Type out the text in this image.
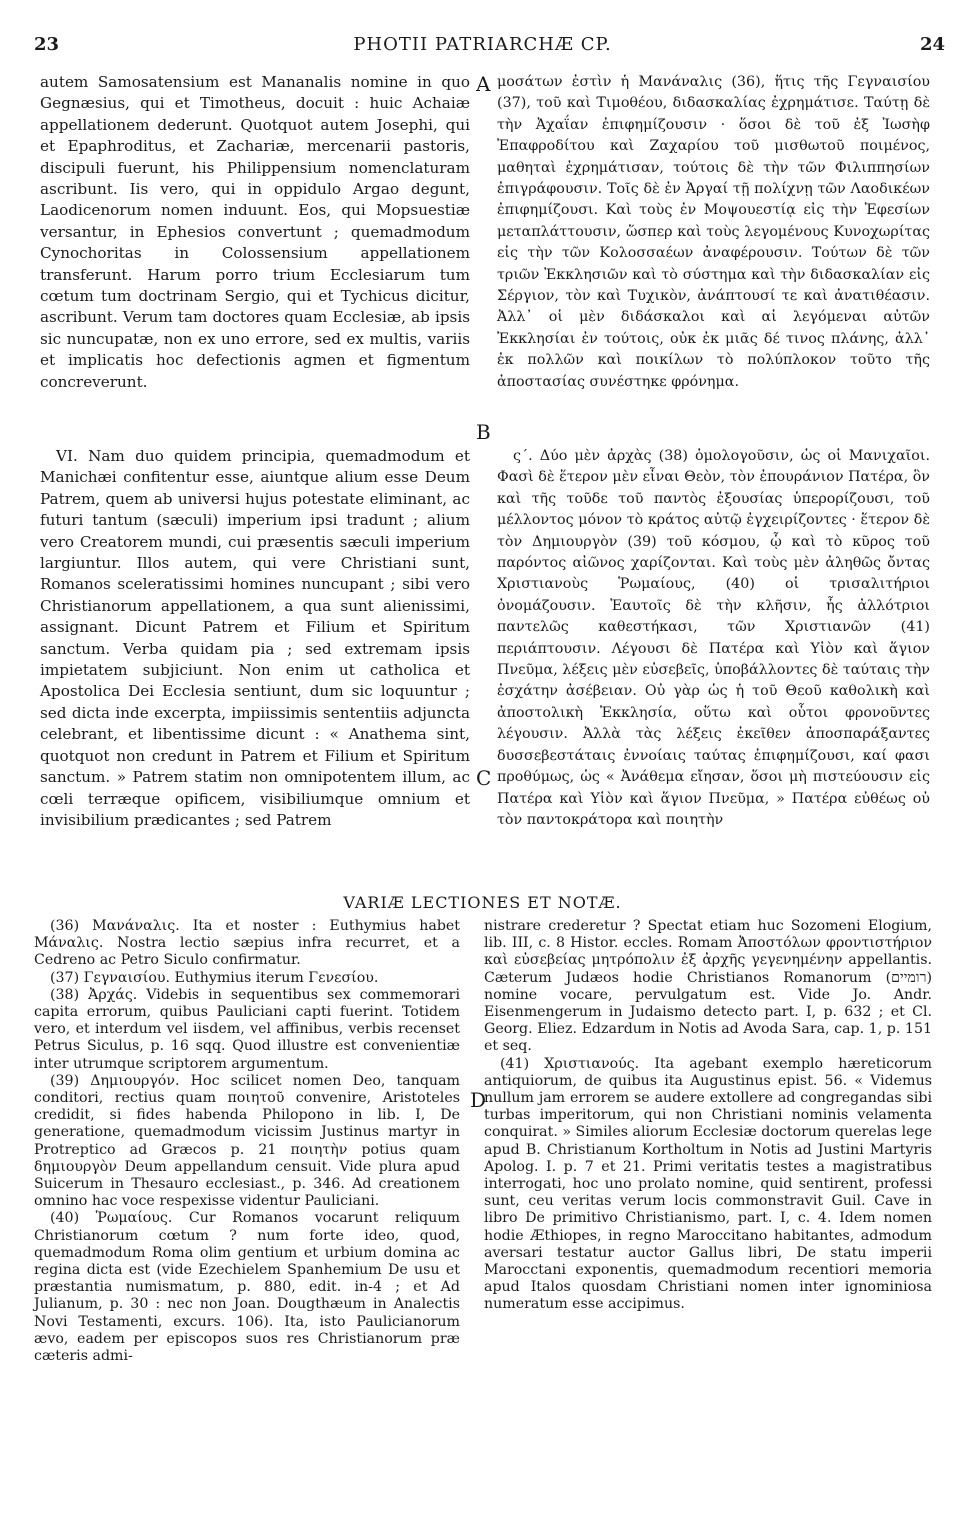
23	PHOTII PATRIARCHÆ CP.	24
A
B
C
D

autem Samosatensium est Mananalis nomine in quo Gegnæsius, qui et Timotheus, docuit : huic Achaiæ appellationem dederunt. Quotquot autem Josephi, qui et Epaphroditus, et Zachariæ, mercenarii pastoris, discipuli fuerunt, his Philippensium nomenclaturam ascribunt. Iis vero, qui in oppidulo Argao degunt, Laodicenorum nomen induunt. Eos, qui Mopsuestiæ versantur, in Ephesios convertunt ; quemadmodum Cynochoritas in Colossensium appellationem transferunt. Harum porro trium Ecclesiarum tum cœtum tum doctrinam Sergio, qui et Tychicus dicitur, ascribunt. Verum tam doctores quam Ecclesiæ, ab ipsis sic nuncupatæ, non ex uno errore, sed ex multis, variis et implicatis hoc defectionis agmen et figmentum concreverunt.

μοσάτων ἐστὶν ἡ Μανάναλις (36), ἥτις τῆς Γεγναισίου (37), τοῦ καὶ Τιμοθέου, διδασκαλίας ἐχρημάτισε. Ταύτῃ δὲ τὴν Ἀχαΐαν ἐπιφημίζουσιν · ὅσοι δὲ τοῦ ἐξ Ἰωσὴφ Ἐπαφροδίτου καὶ Ζαχαρίου τοῦ μισθωτοῦ ποιμένος, μαθηταὶ ἐχρημάτισαν, τούτοις δὲ τὴν τῶν Φιλιππησίων ἐπιγράφουσιν. Τοῖς δὲ ἐν Ἀργαί τῇ πολίχνῃ τῶν Λαοδικέων ἐπιφημίζουσι. Καὶ τοὺς ἐν Μοψουεστίᾳ εἰς τὴν Ἐφεσίων μεταπλάττουσιν, ὥσπερ καὶ τοὺς λεγομένους Κυνοχωρίτας εἰς τὴν τῶν Κολοσσαέων ἀναφέρουσιν. Τούτων δὲ τῶν τριῶν Ἐκκλησιῶν καὶ τὸ σύστημα καὶ τὴν διδασκαλίαν εἰς Σέργιον, τὸν καὶ Τυχικὸν, ἀνάπτουσί τε καὶ ἀνατιθέασιν. Ἀλλ᾽ οἱ μὲν διδάσκαλοι καὶ αἱ λεγόμεναι αὐτῶν Ἐκκλησίαι ἐν τούτοις, οὐκ ἐκ μιᾶς δέ τινος πλάνης, ἀλλ᾽ ἐκ πολλῶν καὶ ποικίλων τὸ πολύπλοκον τοῦτο τῆς ἀποστασίας συνέστηκε φρόνημα.

VI. Nam duo quidem principia, quemadmodum et Manichæi confitentur esse, aiuntque alium esse Deum Patrem, quem ab universi hujus potestate eliminant, ac futuri tantum (sæculi) imperium ipsi tradunt ; alium vero Creatorem mundi, cui præsentis sæculi imperium largiuntur. Illos autem, qui vere Christiani sunt, Romanos sceleratissimi homines nuncupant ; sibi vero Christianorum appellationem, a qua sunt alienissimi, assignant. Dicunt Patrem et Filium et Spiritum sanctum. Verba quidam pia ; sed extremam ipsis impietatem subjiciunt. Non enim ut catholica et Apostolica Dei Ecclesia sentiunt, dum sic loquuntur ; sed dicta inde excerpta, impiissimis sententiis adjuncta celebrant, et libentissime dicunt : « Anathema sint, quotquot non credunt in Patrem et Filium et Spiritum sanctum. » Patrem statim non omnipotentem illum, ac cœli terræque opificem, visibiliumque omnium et invisibilium prædicantes ; sed Patrem

ς΄. Δύο μὲν ἀρχὰς (38) ὁμολογοῦσιν, ὡς οἱ Μανιχαῖοι. Φασὶ δὲ ἕτερον μὲν εἶναι Θεὸν, τὸν ἐπουράνιον Πατέρα, ὃν καὶ τῆς τοῦδε τοῦ παντὸς ἐξουσίας ὑπερορίζουσι, τοῦ μέλλοντος μόνον τὸ κράτος αὐτῷ ἐγχειρίζοντες · ἕτερον δὲ τὸν Δημιουργὸν (39) τοῦ κόσμου, ᾧ καὶ τὸ κῦρος τοῦ παρόντος αἰῶνος χαρίζονται. Καὶ τοὺς μὲν ἀληθῶς ὄντας Χριστιανοὺς Ῥωμαίους, (40) οἱ τρισαλιτήριοι ὀνομάζουσιν. Ἑαυτοῖς δὲ τὴν κλῆσιν, ἧς ἀλλότριοι παντελῶς καθεστήκασι, τῶν Χριστιανῶν (41) περιάπτουσιν. Λέγουσι δὲ Πατέρα καὶ Υἱὸν καὶ ἅγιον Πνεῦμα, λέξεις μὲν εὐσεβεῖς, ὑποβάλλοντες δὲ ταύταις τὴν ἐσχάτην ἀσέβειαν. Οὐ γὰρ ὡς ἡ τοῦ Θεοῦ καθολικὴ καὶ ἀποστολικὴ Ἐκκλησία, οὕτω καὶ οὗτοι φρονοῦντες λέγουσιν. Ἀλλὰ τὰς λέξεις ἐκεῖθεν ἀποσπαράξαντες δυσσεβεστάταις ἐννοίαις ταύτας ἐπιφημίζουσι, καί φασι προθύμως, ὡς « Ἀνάθεμα εἴησαν, ὅσοι μὴ πιστεύουσιν εἰς Πατέρα καὶ Υἱὸν καὶ ἅγιον Πνεῦμα, » Πατέρα εὐθέως οὐ τὸν παντοκράτορα καὶ ποιητὴν

VARIÆ LECTIONES ET NOTÆ.

(36) Μανάναλις. Ita et noster : Euthymius habet Μάναλις. Nostra lectio sæpius infra recurret, et a Cedreno ac Petro Siculo confirmatur.

(37) Γεγναισίου. Euthymius iterum Γενεσίου.

(38) Ἀρχάς. Videbis in sequentibus sex commemorari capita errorum, quibus Pauliciani capti fuerint. Totidem vero, et interdum vel iisdem, vel affinibus, verbis recenset Petrus Siculus, p. 16 sqq. Quod illustre est convenientiæ inter utrumque scriptorem argumentum.

(39) Δημιουργόν. Hoc scilicet nomen Deo, tanquam conditori, rectius quam ποιητοῦ convenire, Aristoteles credidit, si fides habenda Philopono in lib. I, De generatione, quemadmodum vicissim Justinus martyr in Protreptico ad Græcos p. 21 ποιητὴν potius quam δημιουργὸν Deum appellandum censuit. Vide plura apud Suicerum in Thesauro ecclesiast., p. 346. Ad creationem omnino hac voce respexisse videntur Pauliciani.

(40) Ῥωμαίους. Cur Romanos vocarunt reliquum Christianorum cœtum ? num forte ideo, quod, quemadmodum Roma olim gentium et urbium domina ac regina dicta est (vide Ezechielem Spanhemium De usu et præstantia numismatum, p. 880, edit. in-4 ; et Ad Julianum, p. 30 : nec non Joan. Dougthæum in Analectis Novi Testamenti, excurs. 106). Ita, isto Paulicianorum ævo, eadem per episcopos suos res Christianorum præ cæteris admi-

nistrare crederetur ? Spectat etiam huc Sozomeni Elogium, lib. III, c. 8 Histor. eccles. Romam Ἀποστόλων φροντιστήριον καὶ εὐσεβείας μητρόπολιν ἐξ ἀρχῆς γεγενημένην appellantis. Cæterum Judæos hodie Christianos Romanorum (רומיים) nomine vocare, pervulgatum est. Vide Jo. Andr. Eisenmengerum in Judaismo detecto part. I, p. 632 ; et Cl. Georg. Eliez. Edzardum in Notis ad Avoda Sara, cap. 1, p. 151 et seq.

(41) Χριστιανούς. Ita agebant exemplo hæreticorum antiquiorum, de quibus ita Augustinus epist. 56. « Videmus nullum jam errorem se audere extollere ad congregandas sibi turbas imperitorum, qui non Christiani nominis velamenta conquirat. » Similes aliorum Ecclesiæ doctorum querelas lege apud B. Christianum Kortholtum in Notis ad Justini Martyris Apolog. I. p. 7 et 21. Primi veritatis testes a magistratibus interrogati, hoc uno prolato nomine, quid sentirent, professi sunt, ceu veritas verum locis commonstravit Guil. Cave in libro De primitivo Christianismo, part. I, c. 4. Idem nomen hodie Æthiopes, in regno Maroccitano habitantes, admodum aversari testatur auctor Gallus libri, De statu imperii Marocctani exponentis, quemadmodum recentiori memoria apud Italos quosdam Christiani nomen inter ignominiosa numeratum esse accipimus.
